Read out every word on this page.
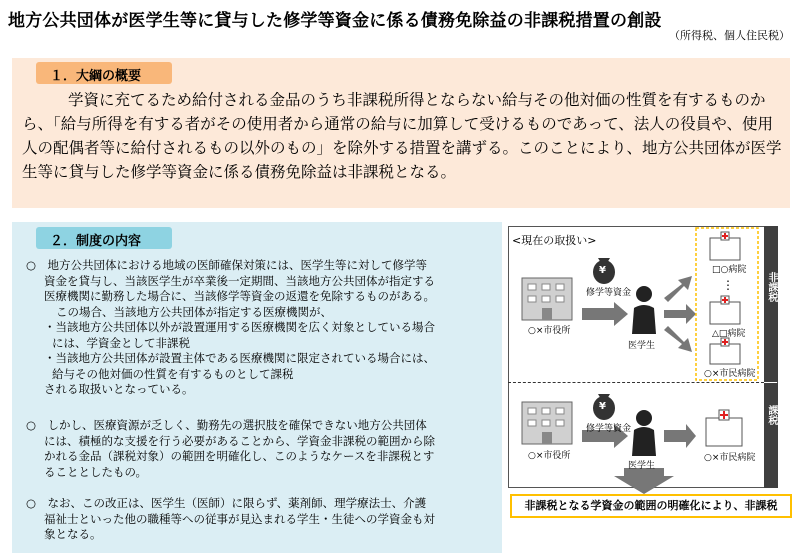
地方公共団体が医学生等に貸与した修学等資金に係る債務免除益の非課税措置の創設
（所得税、個人住民税）
１．大綱の概要
学資に充てるため給付される金品のうち非課税所得とならない給与その他対価の性質を有するものから、「給与所得を有する者がその使用者から通常の給与に加算して受けるものであって、法人の役員や、使用人の配偶者等に給付されるもの以外のもの」を除外する措置を講ずる。このことにより、地方公共団体が医学生等に貸与した修学等資金に係る債務免除益は非課税となる。
２．制度の内容
○　地方公共団体における地域の医師確保対策には、医学生等に対して修学等
資金を貸与し、当該医学生が卒業後一定期間、当該地方公共団体が指定する
医療機関に勤務した場合に、当該修学等資金の返還を免除するものがある。
この場合、当該地方公共団体が指定する医療機関が、
・当該地方公共団体以外が設置運用する医療機関を広く対象としている場合
には、学資金として非課税
・当該地方公共団体が設置主体である医療機関に限定されている場合には、
給与その他対価の性質を有するものとして課税
される取扱いとなっている。
○　しかし、医療資源が乏しく、勤務先の選択肢を確保できない地方公共団体
には、積極的な支援を行う必要があることから、学資金非課税の範囲から除
かれる金品（課税対象）の範囲を明確化し、このようなケースを非課税とす
ることとしたもの。
○　なお、この改正は、医学生（医師）に限らず、薬剤師、理学療法士、介護
福祉士といった他の職種等への従事が見込まれる学生・生徒への学資金も対
象となる。
<現在の取扱い>
非課税
課税
修学等資金
¥
医学生
○×市役所
□○病院
⋮
△□病院
○×市民病院
修学等資金
¥
医学生
○×市役所	○×市民病院
非課税となる学資金の範囲の明確化により、非課税
